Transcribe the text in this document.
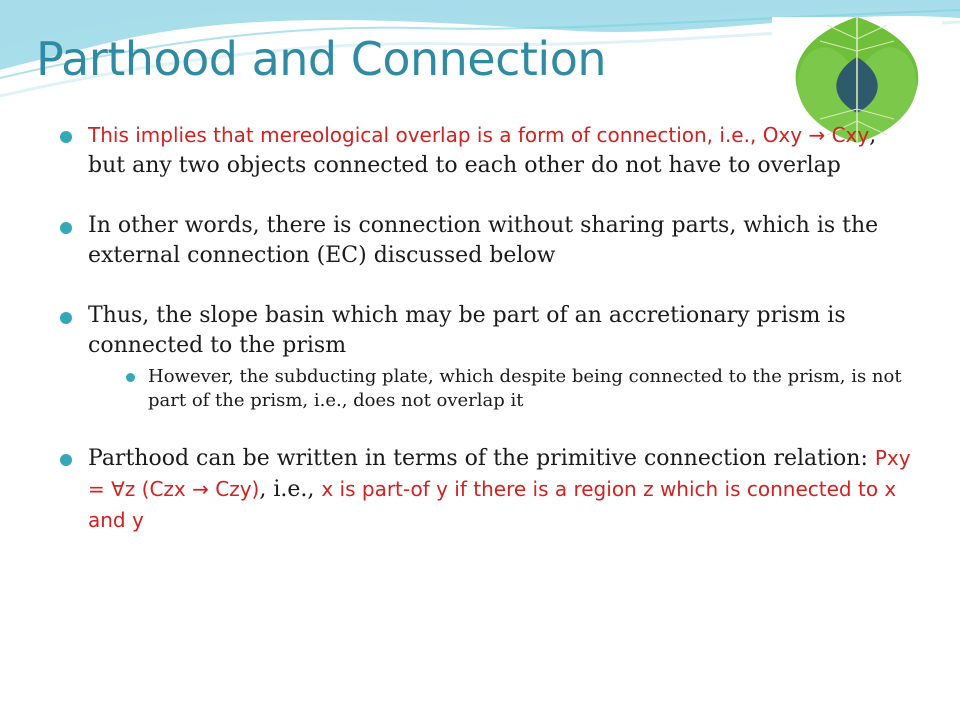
Parthood and Connection
This implies that mereological overlap is a form of connection, i.e., Oxy → Cxy, but any two objects connected to each other do not have to overlap
In other words, there is connection without sharing parts, which is the external connection (EC) discussed below
Thus, the slope basin which may be part of an accretionary prism is connected to the prism
However, the subducting plate, which despite being connected to the prism, is not part of the prism, i.e., does not overlap it
Parthood can be written in terms of the primitive connection relation: Pxy = ∀z (Czx → Czy), i.e., x is part-of y if there is a region z which is connected to x and y
